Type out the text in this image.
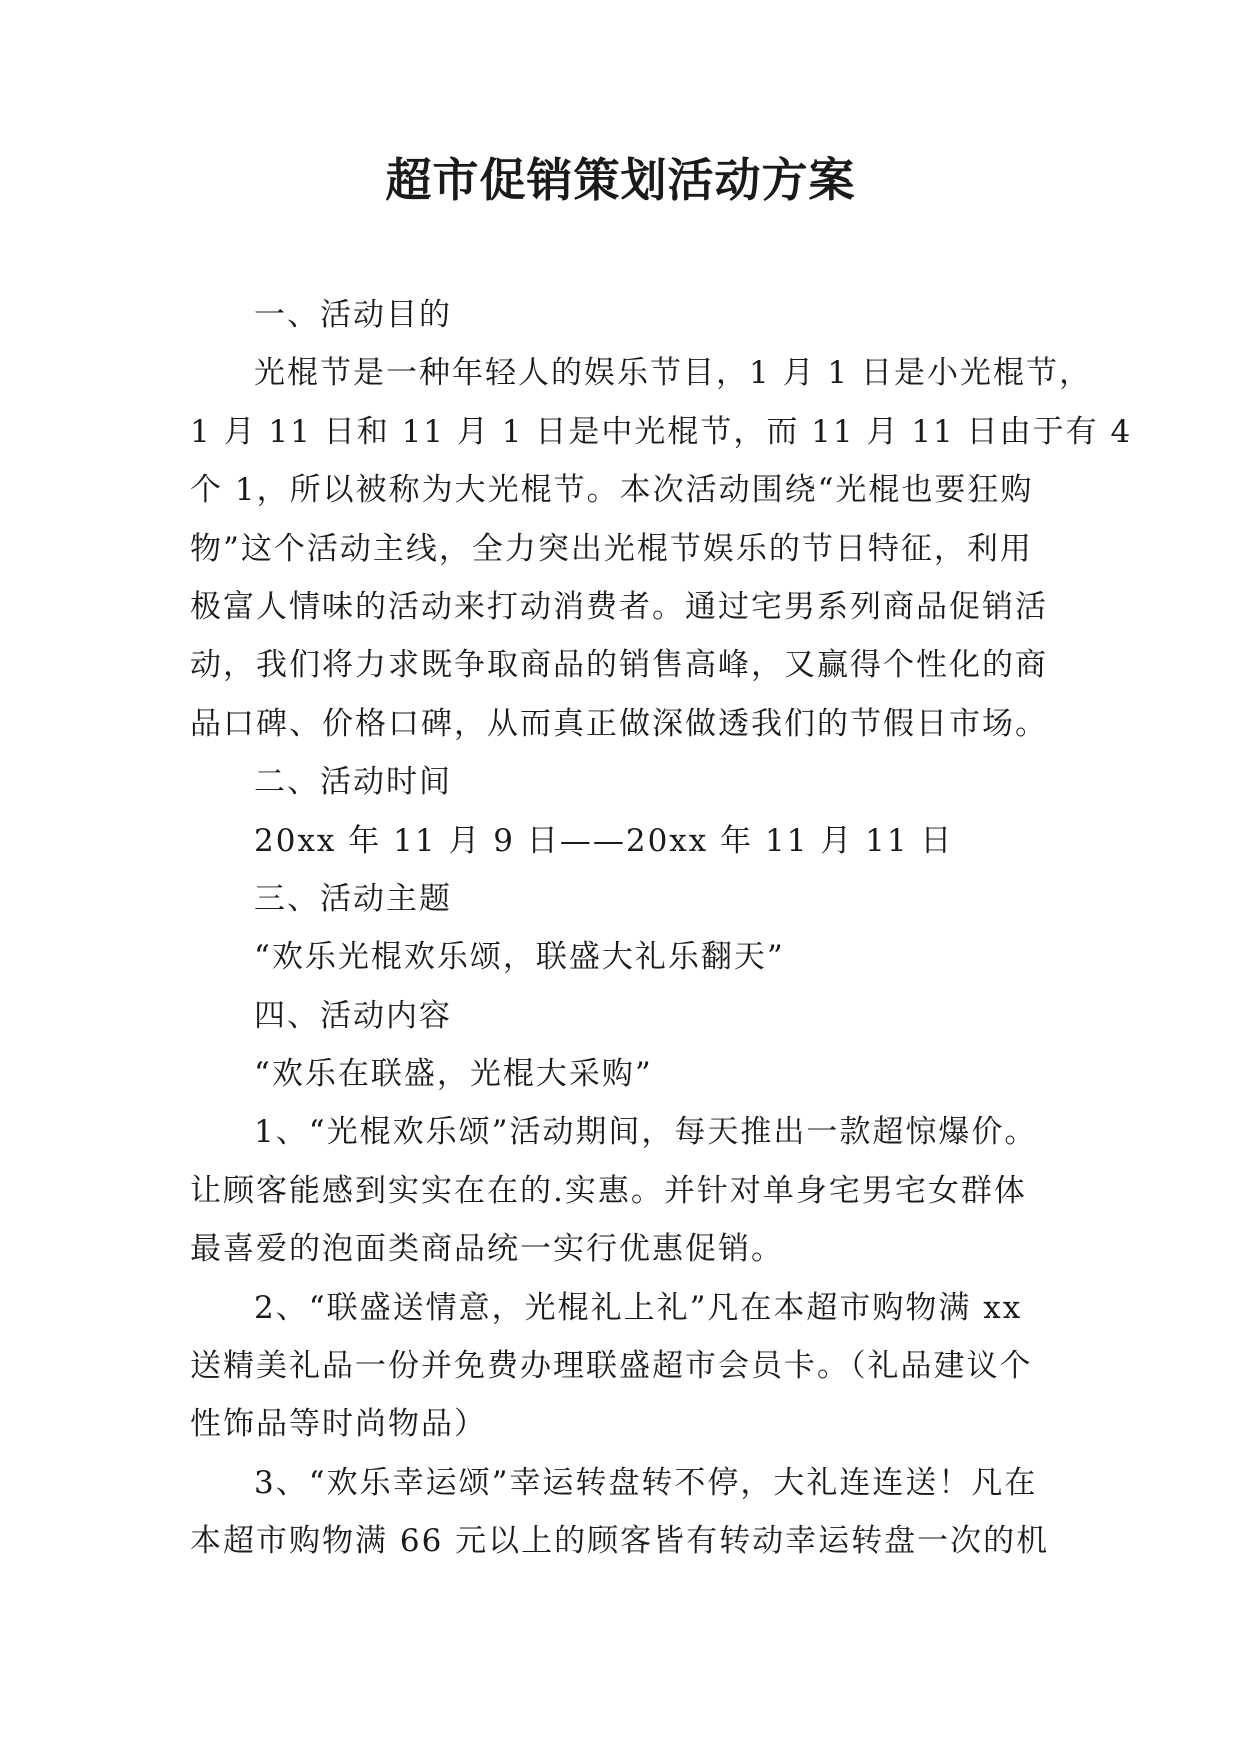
超市促销策划活动方案
一、活动目的
光棍节是一种年轻人的娱乐节目，1 月 1 日是小光棍节，
1 月 11 日和 11 月 1 日是中光棍节，而 11 月 11 日由于有 4
个 1，所以被称为大光棍节。本次活动围绕“光棍也要狂购
物”这个活动主线，全力突出光棍节娱乐的节日特征，利用
极富人情味的活动来打动消费者。通过宅男系列商品促销活
动，我们将力求既争取商品的销售高峰，又赢得个性化的商
品口碑、价格口碑，从而真正做深做透我们的节假日市场。
二、活动时间
20xx 年 11 月 9 日——20xx 年 11 月 11 日
三、活动主题
“欢乐光棍欢乐颂，联盛大礼乐翻天”
四、活动内容
“欢乐在联盛，光棍大采购”
1、“光棍欢乐颂”活动期间，每天推出一款超惊爆价。
让顾客能感到实实在在的.实惠。并针对单身宅男宅女群体
最喜爱的泡面类商品统一实行优惠促销。
2、“联盛送情意，光棍礼上礼”凡在本超市购物满 xx
送精美礼品一份并免费办理联盛超市会员卡。（礼品建议个
性饰品等时尚物品）
3、“欢乐幸运颂”幸运转盘转不停，大礼连连送！凡在
本超市购物满 66 元以上的顾客皆有转动幸运转盘一次的机
